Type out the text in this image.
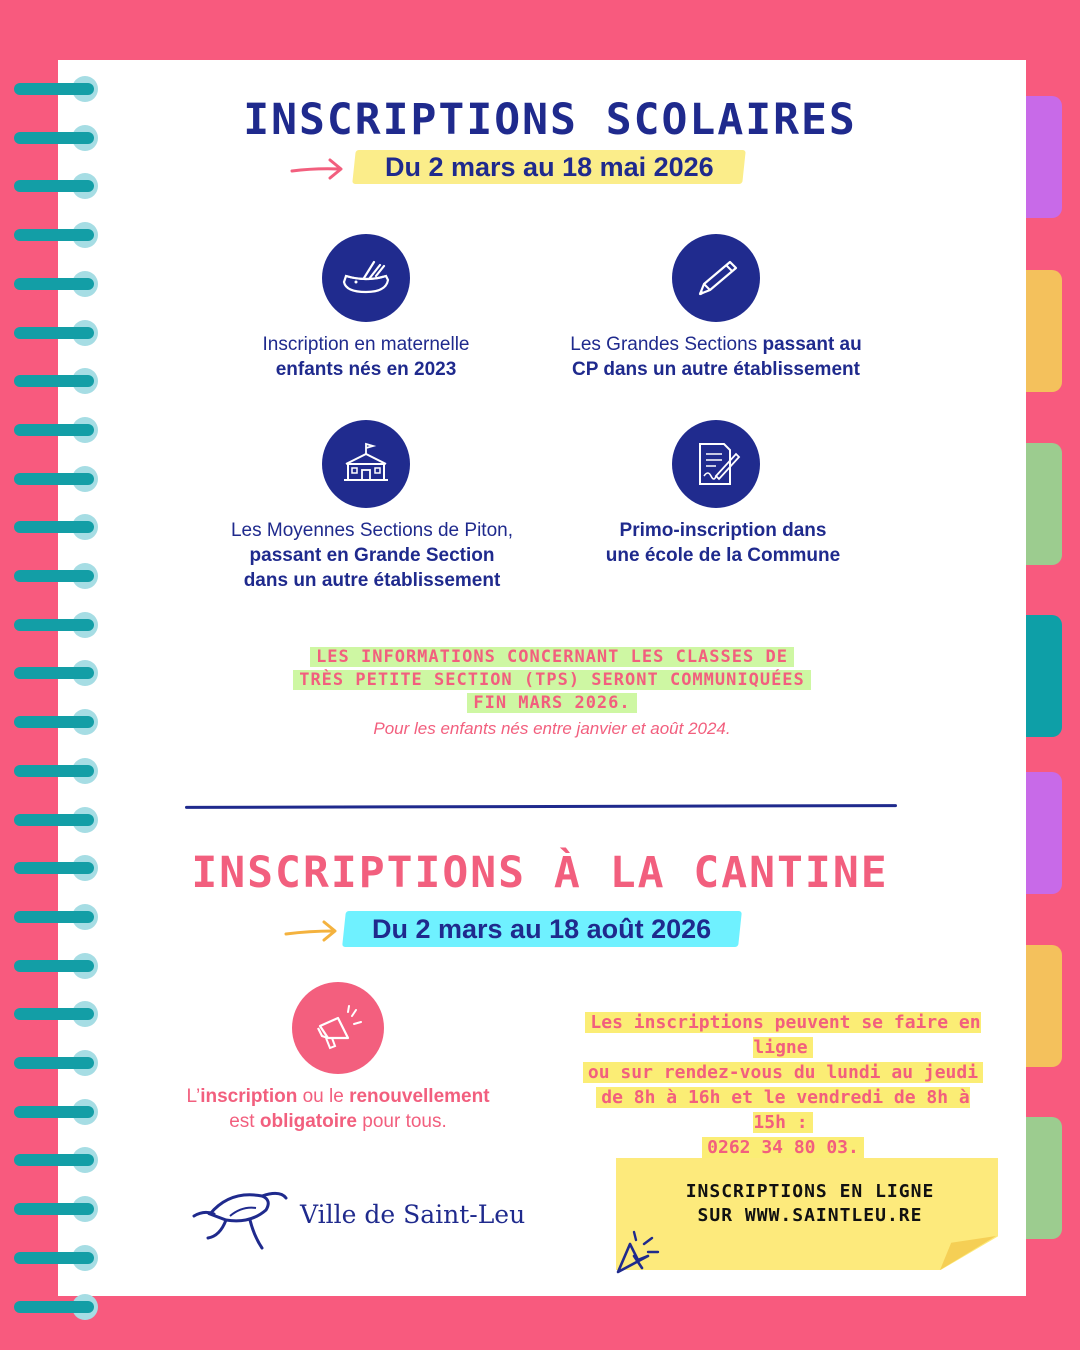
INSCRIPTIONS SCOLAIRES
Du 2 mars au 18 mai 2026
Inscription en maternelle
enfants nés en 2023
Les Grandes Sections passant au
CP dans un autre établissement
Les Moyennes Sections de Piton,
passant en Grande Section
dans un autre établissement
Primo-inscription dans
une école de la Commune
LES INFORMATIONS CONCERNANT LES CLASSES DE
TRÈS PETITE SECTION (TPS) SERONT COMMUNIQUÉES
FIN MARS 2026.
Pour les enfants nés entre janvier et août 2024.
INSCRIPTIONS À LA CANTINE
Du 2 mars au 18 août 2026
L’inscription ou le renouvellement
est obligatoire pour tous.
Les inscriptions peuvent se faire en ligne
ou sur rendez-vous du lundi au jeudi
de 8h à 16h et le vendredi de 8h à 15h :
0262 34 80 03.
Ville de Saint-Leu
INSCRIPTIONS EN LIGNE
SUR WWW.SAINTLEU.RE
